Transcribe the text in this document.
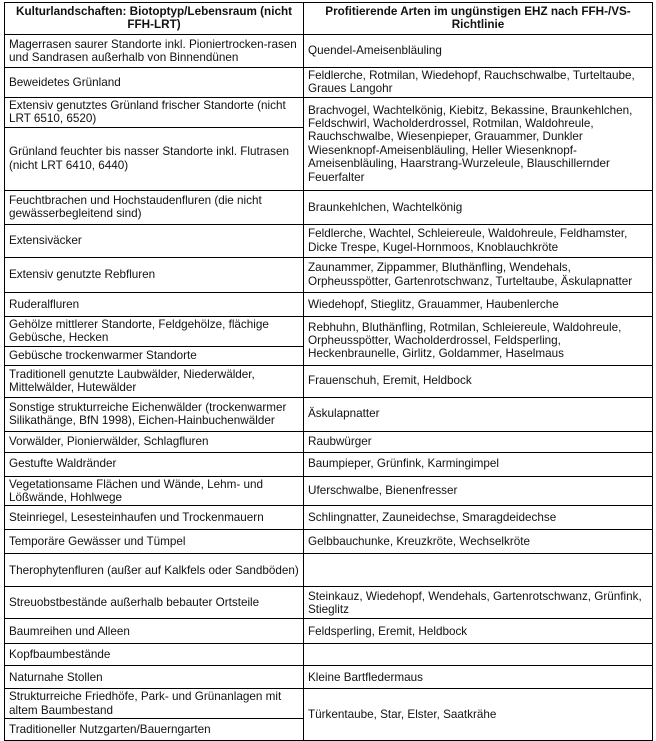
Kulturlandschaften: Biotoptyp/Lebensraum (nicht FFH-LRT)	Profitierende Arten im ungünstigen EHZ nach FFH-/VS-Richtlinie
Magerrasen saurer Standorte inkl. Pioniertrocken-rasen und Sandrasen außerhalb von Binnendünen	Quendel-Ameisenbläuling
Beweidetes Grünland	Feldlerche, Rotmilan, Wiedehopf, Rauchschwalbe, Turteltaube, Graues Langohr
Extensiv genutztes Grünland frischer Standorte (nicht LRT 6510, 6520)	Brachvogel, Wachtelkönig, Kiebitz, Bekassine, Braunkehlchen, Feldschwirl, Wacholderdrossel, Rotmilan, Waldohreule, Rauchschwalbe, Wiesenpieper, Grauammer, Dunkler Wiesenknopf-Ameisenbläuling, Heller Wiesenknopf-Ameisenbläuling, Haarstrang-Wurzeleule, Blauschillernder Feuerfalter
Grünland feuchter bis nasser Standorte inkl. Flutrasen (nicht LRT 6410, 6440)	
Feuchtbrachen und Hochstaudenfluren (die nicht gewässerbegleitend sind)	Braunkehlchen, Wachtelkönig
Extensiväcker	Feldlerche, Wachtel, Schleiereule, Waldohreule, Feldhamster, Dicke Trespe, Kugel-Hornmoos, Knoblauchkröte
Extensiv genutzte Rebfluren	Zaunammer, Zippammer, Bluthänfling, Wendehals, Orpheusspötter, Gartenrotschwanz, Turteltaube, Äskulapnatter
Ruderalfluren	Wiedehopf, Stieglitz, Grauammer, Haubenlerche
Gehölze mittlerer Standorte, Feldgehölze, flächige Gebüsche, Hecken	Rebhuhn, Bluthänfling, Rotmilan, Schleiereule, Waldohreule, Orpheusspötter, Wacholderdrossel, Feldsperling, Heckenbraunelle, Girlitz, Goldammer, Haselmaus
Gebüsche trockenwarmer Standorte	
Traditionell genutzte Laubwälder, Niederwälder, Mittelwälder, Hutewälder	Frauenschuh, Eremit, Heldbock
Sonstige strukturreiche Eichenwälder (trockenwarmer Silikathänge, BfN 1998), Eichen-Hainbuchenwälder	Äskulapnatter
Vorwälder, Pionierwälder, Schlagfluren	Raubwürger
Gestufte Waldränder	Baumpieper, Grünfink, Karmingimpel
Vegetationsame Flächen und Wände, Lehm- und Lößwände, Hohlwege	Uferschwalbe, Bienenfresser
Steinriegel, Lesesteinhaufen und Trockenmauern	Schlingnatter, Zauneidechse, Smaragdeidechse
Temporäre Gewässer und Tümpel	Gelbbauchunke, Kreuzkröte, Wechselkröte
Therophytenfluren (außer auf Kalkfels oder Sandböden)	
Streuobstbestände außerhalb bebauter Ortsteile	Steinkauz, Wiedehopf, Wendehals, Gartenrotschwanz, Grünfink, Stieglitz
Baumreihen und Alleen	Feldsperling, Eremit, Heldbock
Kopfbaumbestände	
Naturnahe Stollen	Kleine Bartfledermaus
Strukturreiche Friedhöfe, Park- und Grünanlagen mit altem Baumbestand	Türkentaube, Star, Elster, Saatkrähe
Traditioneller Nutzgarten/Bauerngarten	
